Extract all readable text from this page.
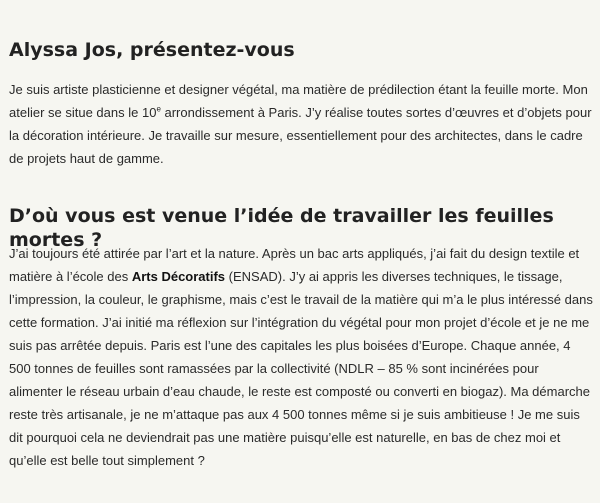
Alyssa Jos, présentez-vous

Je suis artiste plasticienne et designer végétal, ma matière de prédilection étant la feuille morte. Mon atelier se situe dans le 10e arrondissement à Paris. J’y réalise toutes sortes d’œuvres et d’objets pour la décoration intérieure. Je travaille sur mesure, essentiellement pour des architectes, dans le cadre de projets haut de gamme.

D’où vous est venue l’idée de travailler les feuilles mortes ?

J’ai toujours été attirée par l’art et la nature. Après un bac arts appliqués, j’ai fait du design textile et matière à l’école des Arts Décoratifs (ENSAD). J’y ai appris les diverses techniques, le tissage, l’impression, la couleur, le graphisme, mais c’est le travail de la matière qui m’a le plus intéressé dans cette formation. J’ai initié ma réflexion sur l’intégration du végétal pour mon projet d’école et je ne me suis pas arrêtée depuis. Paris est l’une des capitales les plus boisées d’Europe. Chaque année, 4 500 tonnes de feuilles sont ramassées par la collectivité (NDLR – 85 % sont incinérées pour alimenter le réseau urbain d’eau chaude, le reste est composté ou converti en biogaz). Ma démarche reste très artisanale, je ne m’attaque pas aux 4 500 tonnes même si je suis ambitieuse ! Je me suis dit pourquoi cela ne deviendrait pas une matière puisqu’elle est naturelle, en bas de chez moi et qu’elle est belle tout simplement ?
